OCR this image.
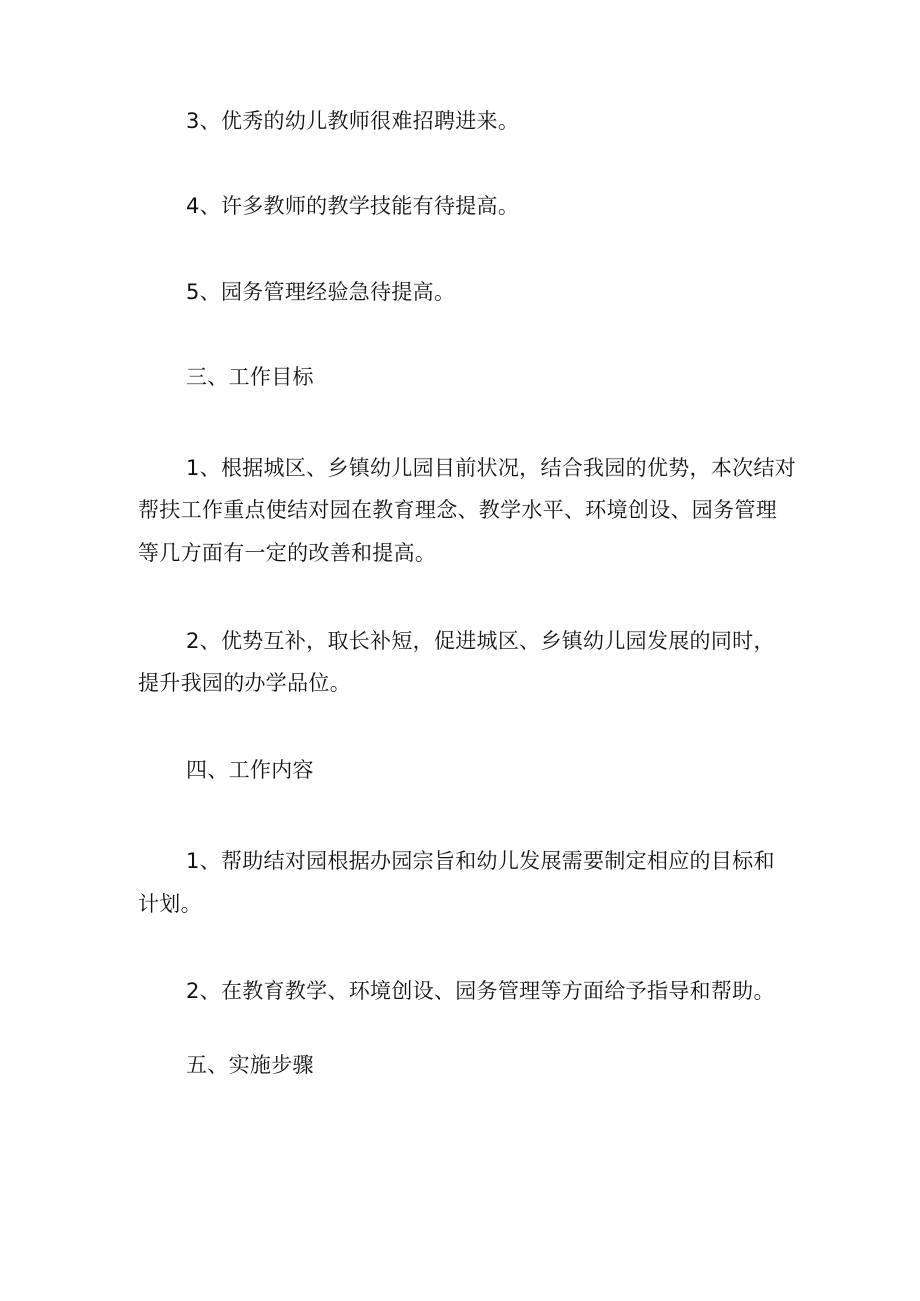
3、优秀的幼儿教师很难招聘进来。

4、许多教师的教学技能有待提高。

5、园务管理经验急待提高。

三、工作目标

1、根据城区、乡镇幼儿园目前状况，结合我园的优势，本次结对

帮扶工作重点使结对园在教育理念、教学水平、环境创设、园务管理

等几方面有一定的改善和提高。

2、优势互补，取长补短，促进城区、乡镇幼儿园发展的同时，

提升我园的办学品位。

四、工作内容

1、帮助结对园根据办园宗旨和幼儿发展需要制定相应的目标和

计划。

2、在教育教学、环境创设、园务管理等方面给予指导和帮助。

五、实施步骤
